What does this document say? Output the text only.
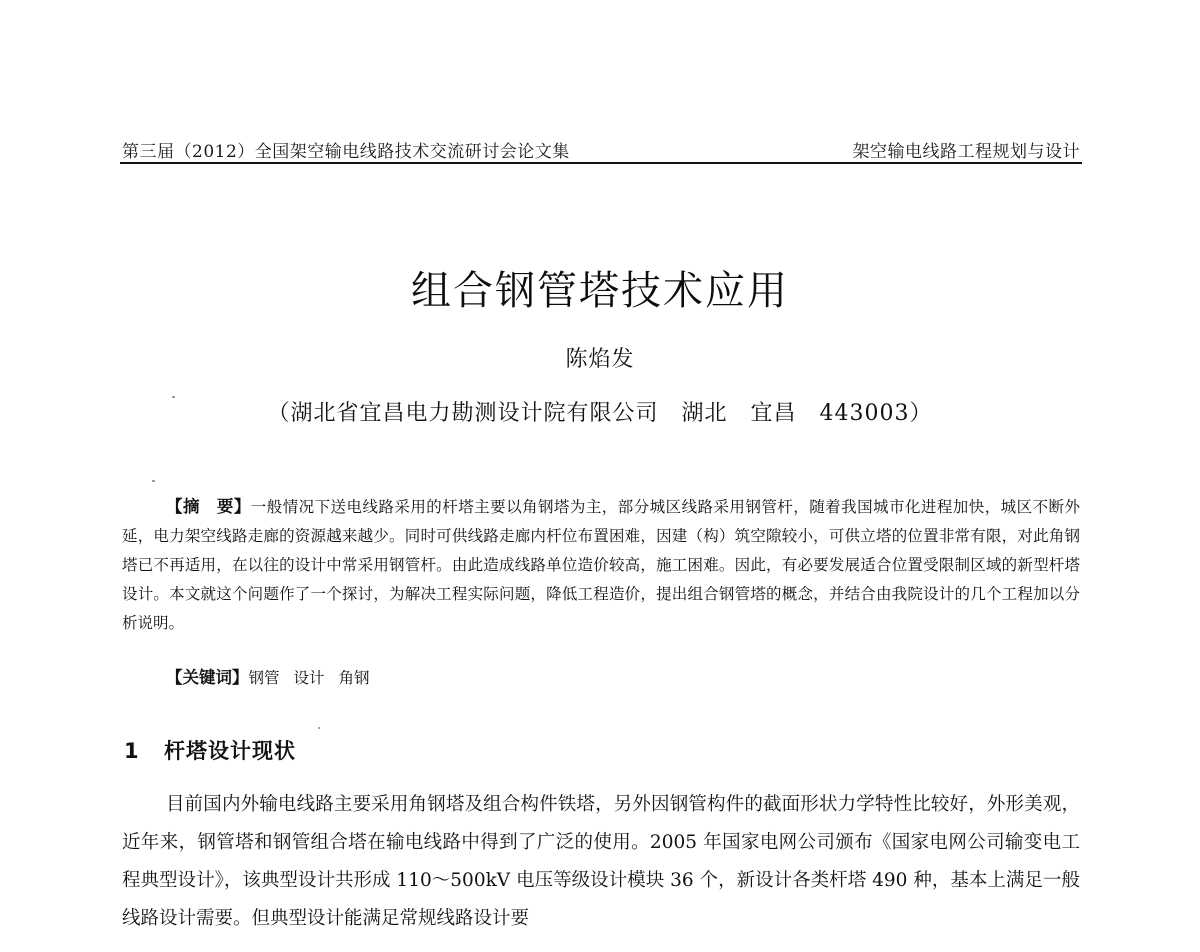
第三届（2012）全国架空输电线路技术交流研讨会论文集	架空输电线路工程规划与设计
组合钢管塔技术应用
陈焰发
（湖北省宜昌电力勘测设计院有限公司　湖北　宜昌　443003）

【摘　要】一般情况下送电线路采用的杆塔主要以角钢塔为主，部分城区线路采用钢管杆，随着我国城市化进程加快，城区不断外延，电力架空线路走廊的资源越来越少。同时可供线路走廊内杆位布置困难，因建（构）筑空隙较小，可供立塔的位置非常有限，对此角钢塔已不再适用，在以往的设计中常采用钢管杆。由此造成线路单位造价较高，施工困难。因此，有必要发展适合位置受限制区域的新型杆塔设计。本文就这个问题作了一个探讨，为解决工程实际问题，降低工程造价，提出组合钢管塔的概念，并结合由我院设计的几个工程加以分析说明。

【关键词】钢管 设计 角钢
1 杆塔设计现状

目前国内外输电线路主要采用角钢塔及组合构件铁塔，另外因钢管构件的截面形状力学特性比较好，外形美观，近年来，钢管塔和钢管组合塔在输电线路中得到了广泛的使用。2005 年国家电网公司颁布《国家电网公司输变电工程典型设计》，该典型设计共形成 110～500kV 电压等级设计模块 36 个，新设计各类杆塔 490 种，基本上满足一般线路设计需要。但典型设计能满足常规线路设计要
